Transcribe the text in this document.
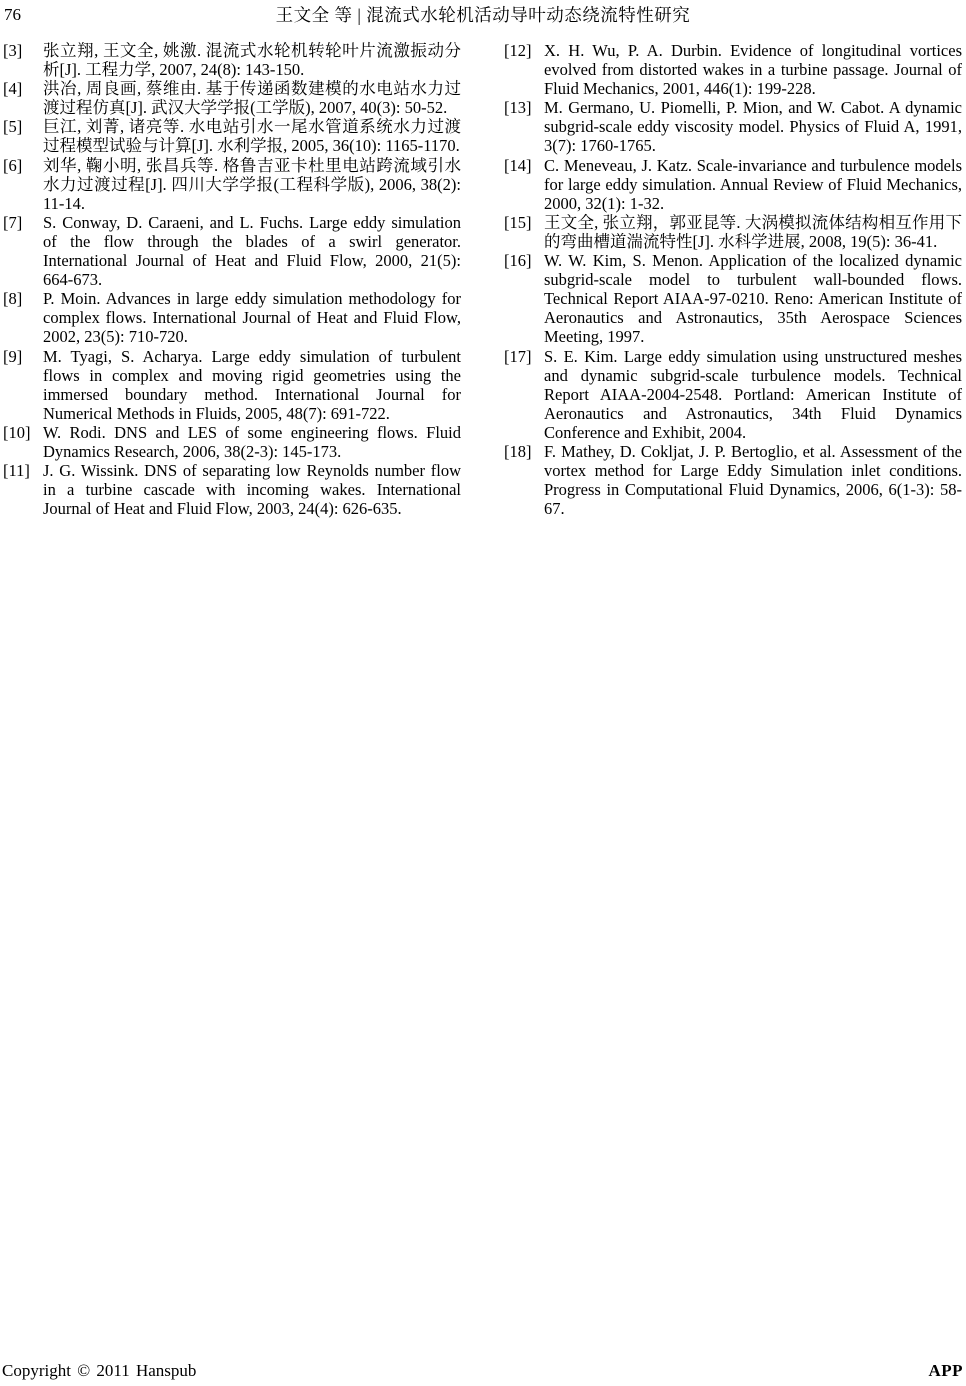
76	王文全 等 | 混流式水轮机活动导叶动态绕流特性研究
[3]	张立翔, 王文全, 姚激. 混流式水轮机转轮叶片流激振动分析[J]. 工程力学, 2007, 24(8): 143-150.
[4]	洪冶, 周良画, 蔡维由. 基于传递函数建模的水电站水力过渡过程仿真[J]. 武汉大学学报(工学版), 2007, 40(3): 50-52.
[5]	巨江, 刘菁, 诸亮等. 水电站引水一尾水管道系统水力过渡过程模型试验与计算[J]. 水利学报, 2005, 36(10): 1165-1170.
[6]	刘华, 鞠小明, 张昌兵等. 格鲁吉亚卡杜里电站跨流域引水水力过渡过程[J]. 四川大学学报(工程科学版), 2006, 38(2): 11-14.
[7]	S. Conway, D. Caraeni, and L. Fuchs. Large eddy simulation of the flow through the blades of a swirl generator. International Journal of Heat and Fluid Flow, 2000, 21(5): 664-673.
[8]	P. Moin. Advances in large eddy simulation methodology for complex flows. International Journal of Heat and Fluid Flow, 2002, 23(5): 710-720.
[9]	M. Tyagi, S. Acharya. Large eddy simulation of turbulent flows in complex and moving rigid geometries using the immersed boundary method. International Journal for Numerical Methods in Fluids, 2005, 48(7): 691-722.
[10] W. Rodi. DNS and LES of some engineering flows. Fluid Dynamics Research, 2006, 38(2-3): 145-173.
[11] J. G. Wissink. DNS of separating low Reynolds number flow in a turbine cascade with incoming wakes. International Journal of Heat and Fluid Flow, 2003, 24(4): 626-635.
[12] X. H. Wu, P. A. Durbin. Evidence of longitudinal vortices evolved from distorted wakes in a turbine passage. Journal of Fluid Mechanics, 2001, 446(1): 199-228.
[13] M. Germano, U. Piomelli, P. Mion, and W. Cabot. A dynamic subgrid-scale eddy viscosity model. Physics of Fluid A, 1991, 3(7): 1760-1765.
[14] C. Meneveau, J. Katz. Scale-invariance and turbulence models for large eddy simulation. Annual Review of Fluid Mechanics, 2000, 32(1): 1-32.
[15] 王文全, 张立翔，郭亚昆等. 大涡模拟流体结构相互作用下的弯曲槽道湍流特性[J]. 水科学进展, 2008, 19(5): 36-41.
[16] W. W. Kim, S. Menon. Application of the localized dynamic subgrid-scale model to turbulent wall-bounded flows. Technical Report AIAA-97-0210. Reno: American Institute of Aeronautics and Astronautics, 35th Aerospace Sciences Meeting, 1997.
[17] S. E. Kim. Large eddy simulation using unstructured meshes and dynamic subgrid-scale turbulence models. Technical Report AIAA-2004-2548. Portland: American Institute of Aeronautics and Astronautics, 34th Fluid Dynamics Conference and Exhibit, 2004.
[18] F. Mathey, D. Cokljat, J. P. Bertoglio, et al. Assessment of the vortex method for Large Eddy Simulation inlet conditions. Progress in Computational Fluid Dynamics, 2006, 6(1-3): 58-67.
Copyright © 2011 Hanspub	APP
